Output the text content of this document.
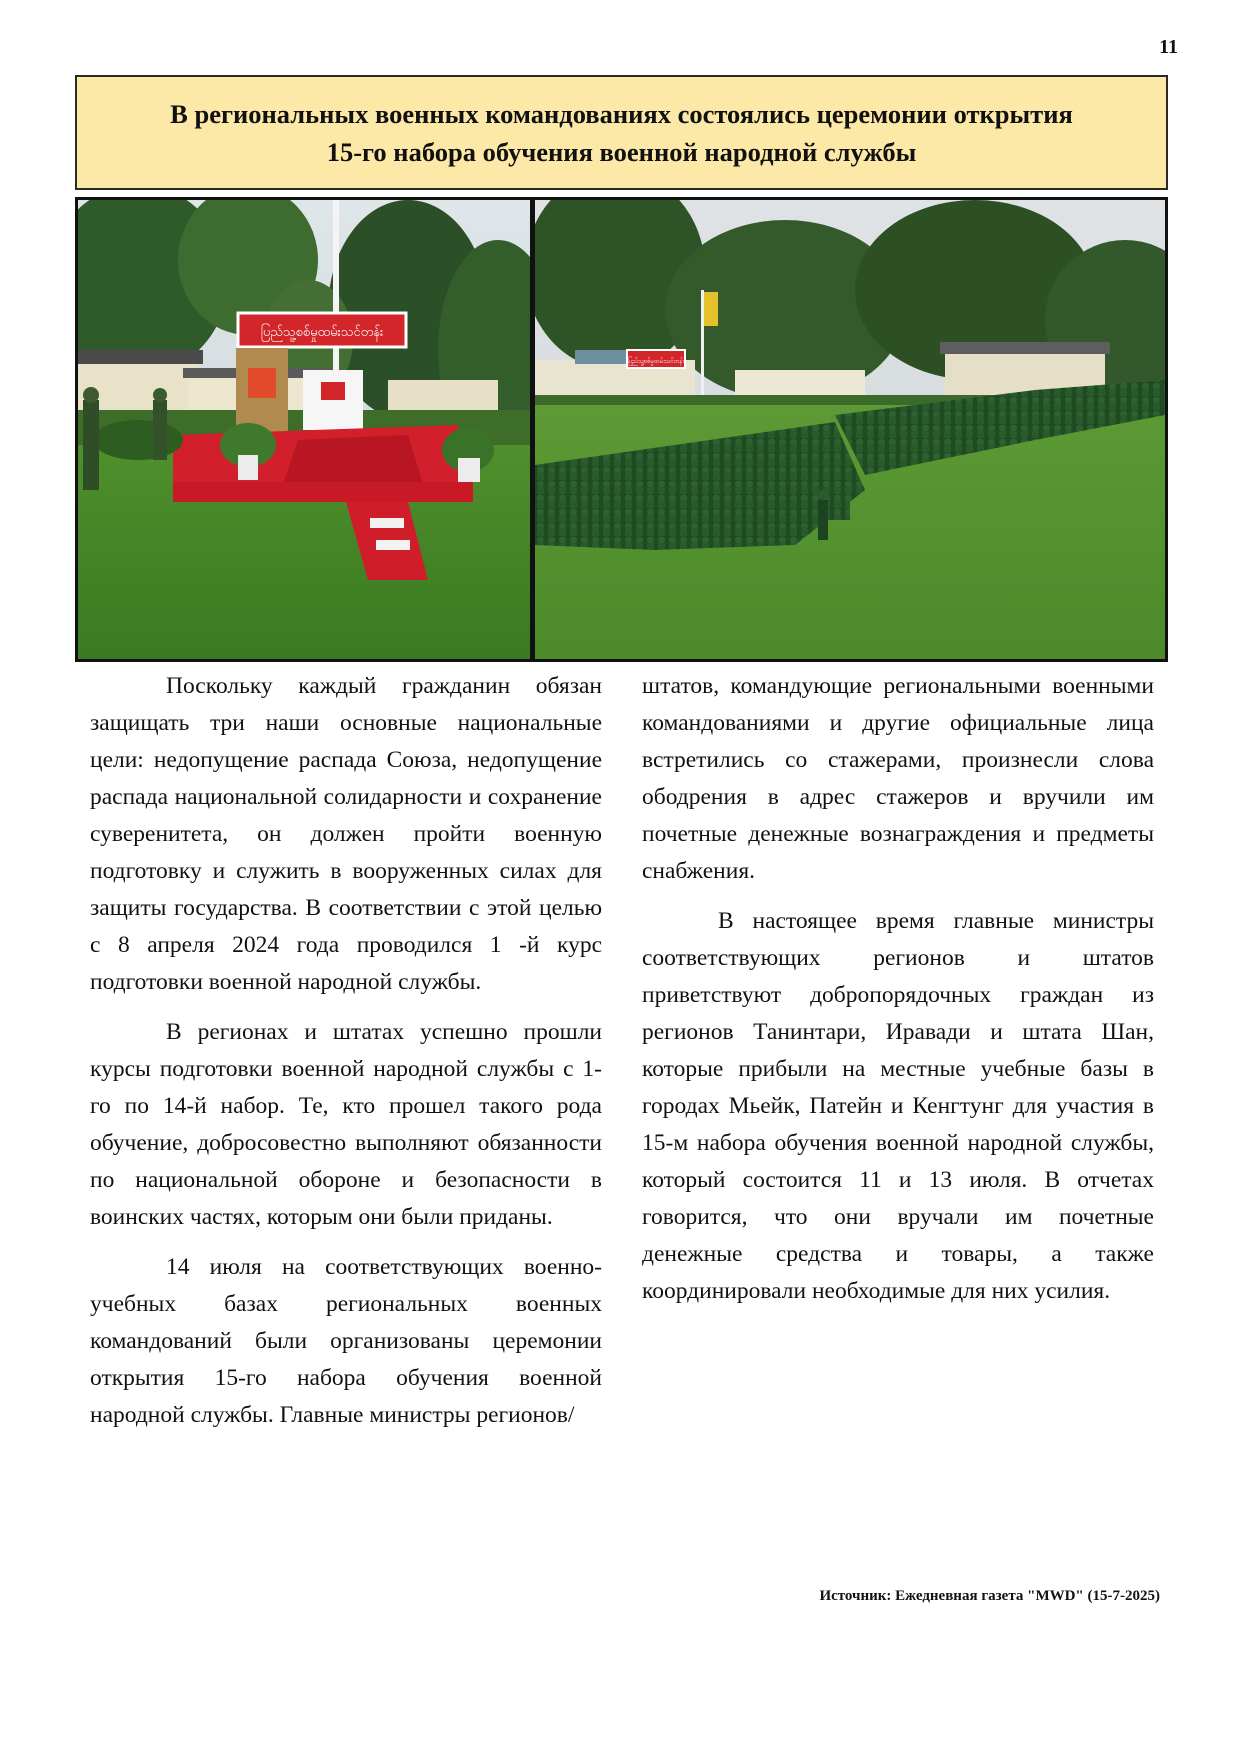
11
В региональных военных командованиях состоялись церемонии открытия
15-го набора обучения военной народной службы
ပြည်သူ့စစ်မှုထမ်းသင်တန်း
ပြည်သူ့စစ်မှုထမ်းသင်တန်း

Поскольку каждый гражданин обязан защищать три наши основные национальные цели: недопущение распада Союза, недопущение распада национальной солидарности и сохранение суверенитета, он должен пройти военную подготовку и служить в вооруженных силах для защиты государства. В соответствии с этой целью с 8 апреля 2024 года проводился 1 -й курс подготовки военной народной службы.

В регионах и штатах успешно прошли курсы подготовки военной народной службы с 1-го по 14-й набор. Те, кто прошел такого рода обучение, добросовестно выполняют обязанности по национальной обороне и безопасности в воинских частях, которым они были приданы.

14 июля на соответствующих военно-учебных базах региональных военных командований были организованы церемонии открытия 15-го набора обучения военной народной службы. Главные министры регионов/

штатов, командующие региональными военными командованиями и другие официальные лица встретились со стажерами, произнесли слова ободрения в адрес стажеров и вручили им почетные денежные вознаграждения и предметы снабжения.

В настоящее время главные министры соответствующих регионов и штатов приветствуют добропорядочных граждан из регионов Танинтари, Иравади и штата Шан, которые прибыли на местные учебные базы в городах Мьейк, Патейн и Кенгтунг для участия в 15-м набора обучения военной народной службы, который состоится 11 и 13 июля. В отчетах говорится, что они вручали им почетные денежные средства и товары, а также координировали необходимые для них усилия.

Источник: Ежедневная газета "MWD" (15-7-2025)
